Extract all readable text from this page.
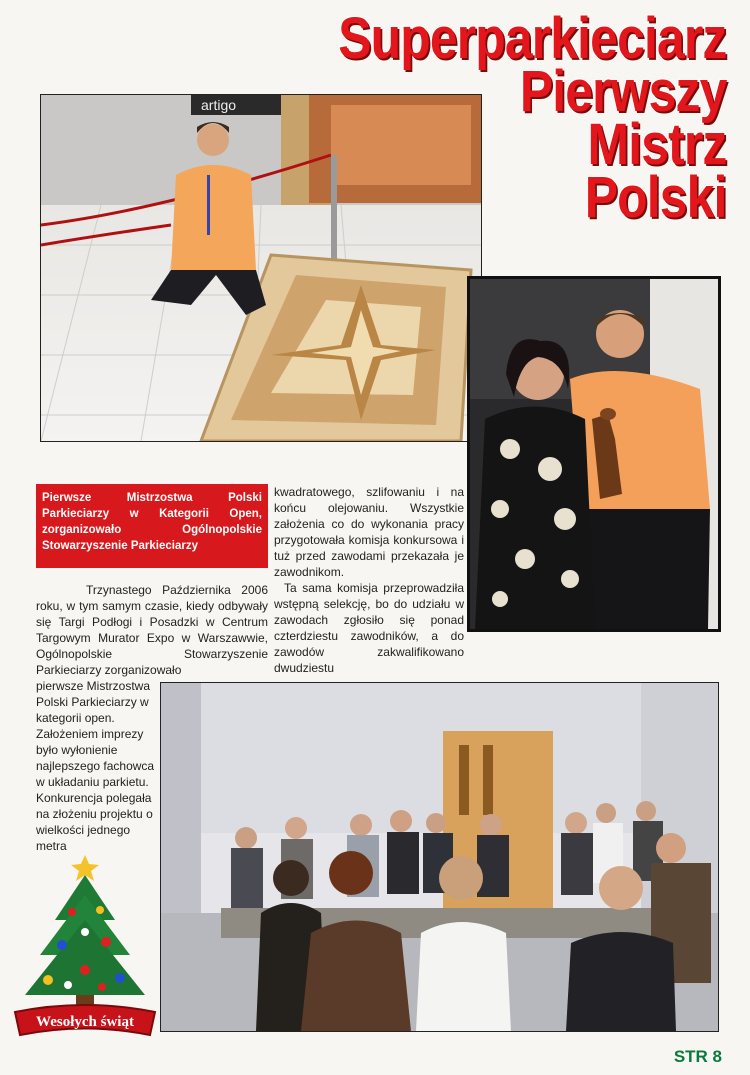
artigo
Superparkieciarz
Pierwszy
Mistrz
Polski
Pierwsze Mistrzostwa Polski Parkieciarzy w Kategorii Open, zorganizowało Ogólnopolskie Stowarzyszenie Parkieciarzy
Trzynastego Października 2006 roku, w tym samym czasie, kiedy odbywały się Targi Podłogi i Posadzki w Centrum Targowym Murator Expo w Warszawwie, Ogólnopolskie Stowarzyszenie Parkieciarzy zorganizowało
pierwsze Mistrzostwa Polski Parkieciarzy w kategorii open. Założeniem imprezy było wyłonienie najlepszego fachowca w układaniu parkietu. Konkurencja polegała na złożeniu projektu o wielkości jednego metra
kwadratowego, szlifowaniu i na końcu olejowaniu. Wszystkie założenia co do wykonania pracy przygotowała komisja konkursowa i tuż przed zawodami przekazała je zawodnikom.
Ta sama komisja przeprowadziła wstępną selekcję, bo do udziału w zawodach zgłosiło się ponad czterdziestu zawodników, a do zawodów zakwalifikowano dwudziestu
Wesołych świąt
STR 8
